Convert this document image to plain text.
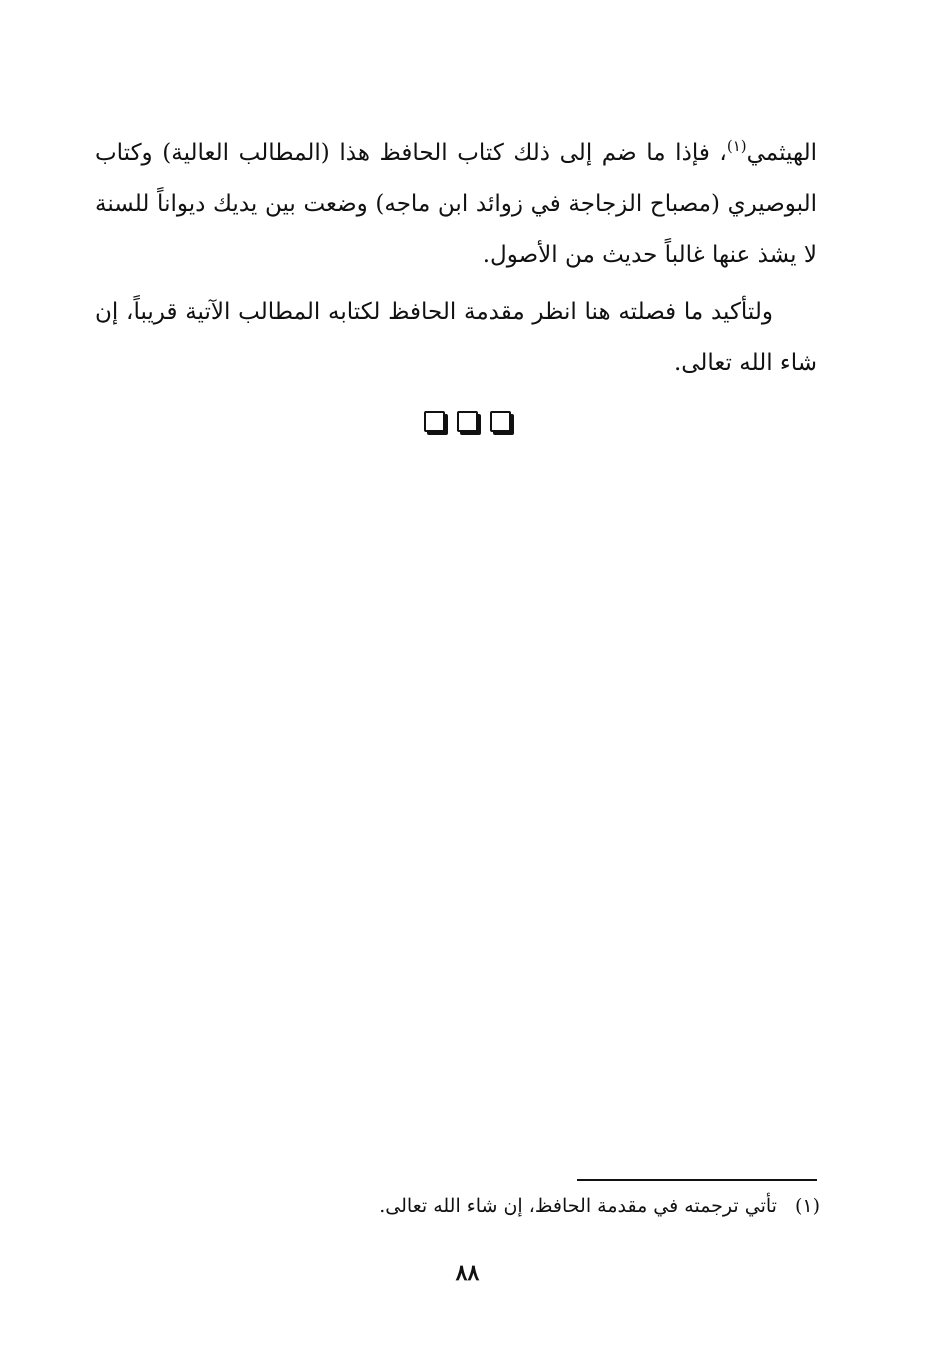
الهيثمي$^{(١)}$، فإذا ما ضم إلى ذلك كتاب الحافظ هذا (المطالب العالية) وكتاب البوصيري (مصباح الزجاجة في زوائد ابن ماجه) وضعت بين يديك ديواناً للسنة لا يشذ عنها غالباً حديث من الأصول.

ولتأكيد ما فصلته هنا انظر مقدمة الحافظ لكتابه المطالب الآتية قريباً، إن شاء الله تعالى.

(١)تأتي ترجمته في مقدمة الحافظ، إن شاء الله تعالى.
٨٨
